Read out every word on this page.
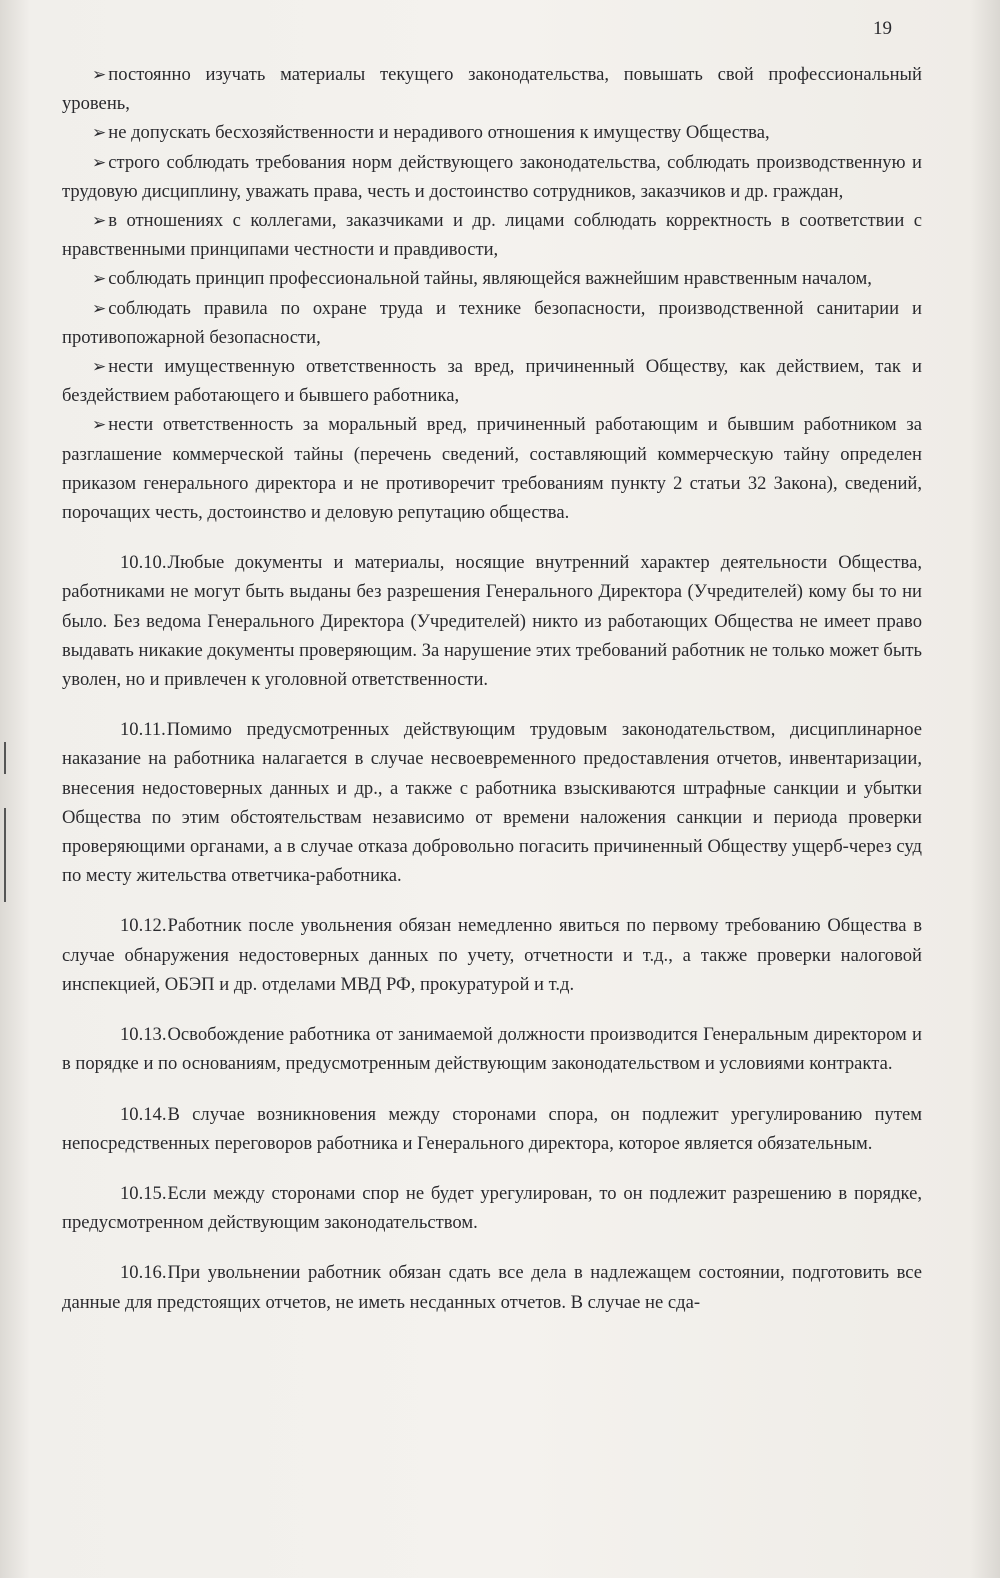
19

➢ постоянно изучать материалы текущего законодательства, повышать свой профессиональный уровень,

➢ не допускать бесхозяйственности и нерадивого отношения к имуществу Общества,

➢ строго соблюдать требования норм действующего законодательства, соблюдать производственную и трудовую дисциплину, уважать права, честь и достоинство сотрудников, заказчиков и др. граждан,

➢ в отношениях с коллегами, заказчиками и др. лицами соблюдать корректность в соответствии с нравственными принципами честности и правдивости,

➢ соблюдать принцип профессиональной тайны, являющейся важнейшим нравственным началом,

➢ соблюдать правила по охране труда и технике безопасности, производственной санитарии и противопожарной безопасности,

➢ нести имущественную ответственность за вред, причиненный Обществу, как действием, так и бездействием работающего и бывшего работника,

➢ нести ответственность за моральный вред, причиненный работающим и бывшим работником за разглашение коммерческой тайны (перечень сведений, составляющий коммерческую тайну определен приказом генерального директора и не противоречит требованиям пункту 2 статьи 32 Закона), сведений, порочащих честь, достоинство и деловую репутацию общества.

10.10.Любые документы и материалы, носящие внутренний характер деятельности Общества, работниками не могут быть выданы без разрешения Генерального Директора (Учредителей) кому бы то ни было. Без ведома Генерального Директора (Учредителей) никто из работающих Общества не имеет право выдавать никакие документы проверяющим. За нарушение этих требований работник не только может быть уволен, но и привлечен к уголовной ответственности.

10.11.Помимо предусмотренных действующим трудовым законодательством, дисциплинарное наказание на работника налагается в случае несвоевременного предоставления отчетов, инвентаризации, внесения недостоверных данных и др., а также с работника взыскиваются штрафные санкции и убытки Общества по этим обстоятельствам независимо от времени наложения санкции и периода проверки проверяющими органами, а в случае отказа добровольно погасить причиненный Обществу ущерб-через суд по месту жительства ответчика-работника.

10.12.Работник после увольнения обязан немедленно явиться по первому требованию Общества в случае обнаружения недостоверных данных по учету, отчетности и т.д., а также проверки налоговой инспекцией, ОБЭП и др. отделами МВД РФ, прокуратурой и т.д.

10.13.Освобождение работника от занимаемой должности производится Генеральным директором и в порядке и по основаниям, предусмотренным действующим законодательством и условиями контракта.

10.14.В случае возникновения между сторонами спора, он подлежит урегулированию путем непосредственных переговоров работника и Генерального директора, которое является обязательным.

10.15.Если между сторонами спор не будет урегулирован, то он подлежит разрешению в порядке, предусмотренном действующим законодательством.

10.16.При увольнении работник обязан сдать все дела в надлежащем состоянии, подготовить все данные для предстоящих отчетов, не иметь несданных отчетов. В случае не сда-
